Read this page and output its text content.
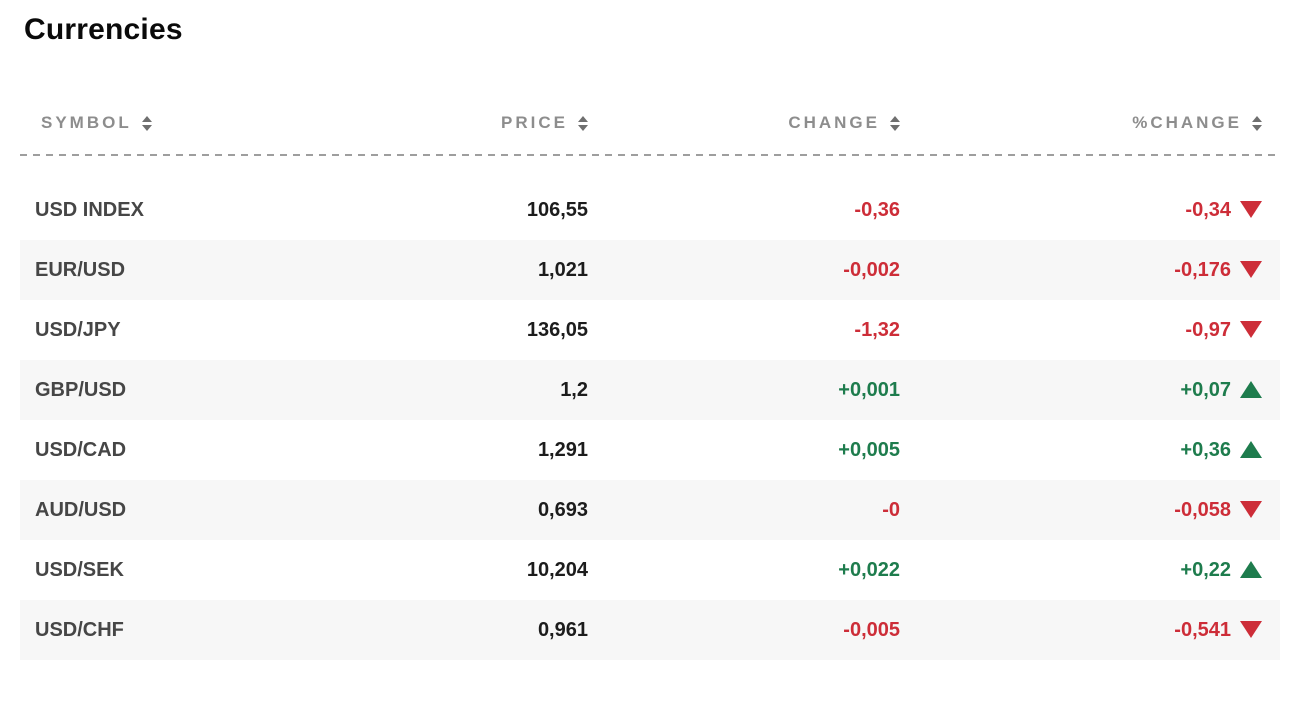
Currencies
SYMBOL	PRICE	CHANGE	%CHANGE
USD INDEX	106,55	-0,36	-0,34
EUR/USD	1,021	-0,002	-0,176
USD/JPY	136,05	-1,32	-0,97
GBP/USD	1,2	+0,001	+0,07
USD/CAD	1,291	+0,005	+0,36
AUD/USD	0,693	-0	-0,058
USD/SEK	10,204	+0,022	+0,22
USD/CHF	0,961	-0,005	-0,541
